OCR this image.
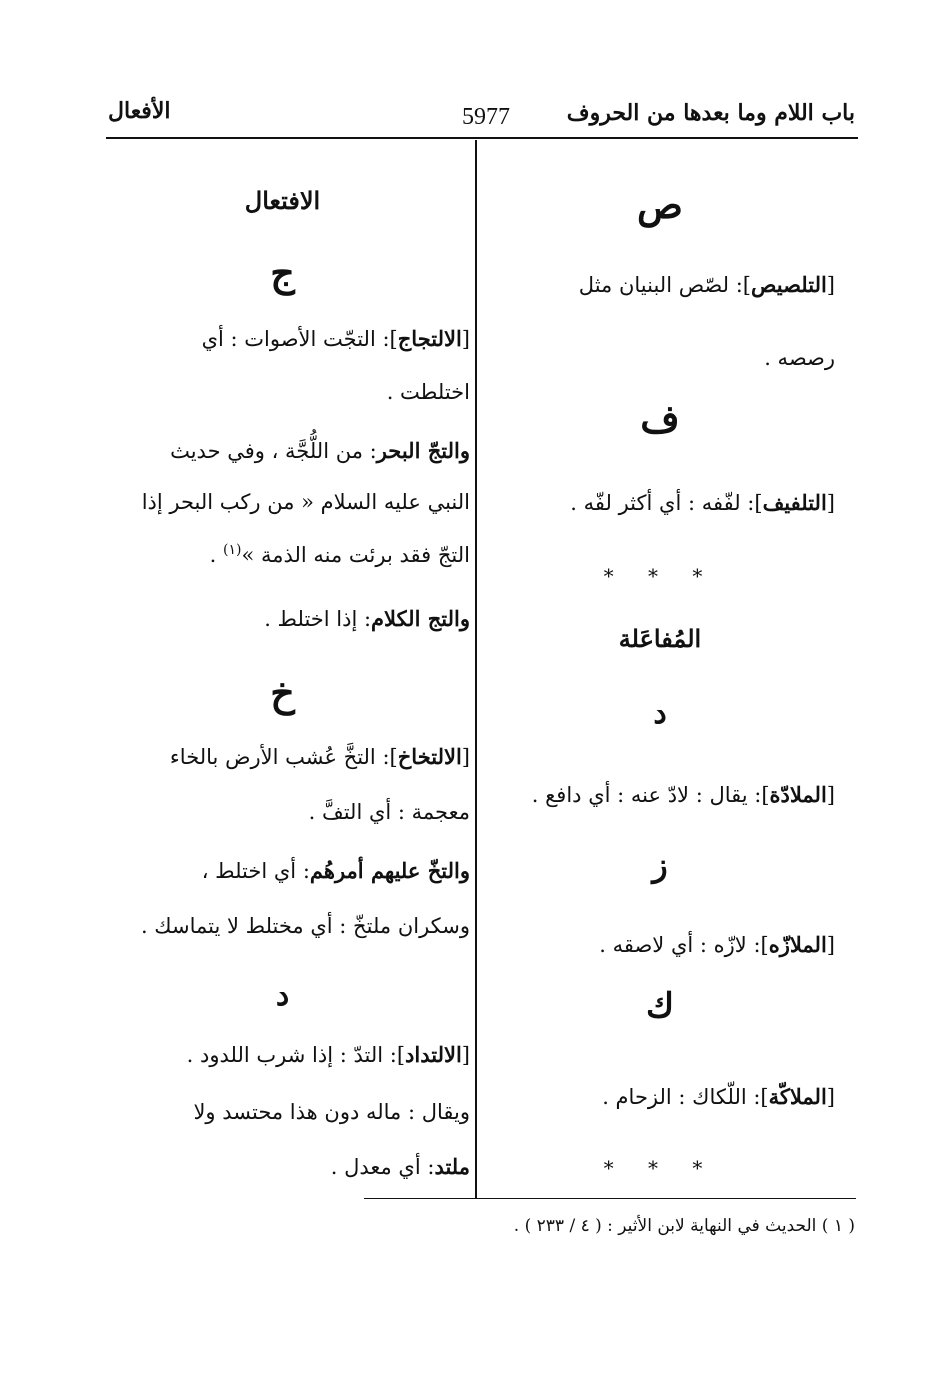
باب اللام وما بعدها من الحروف
5977
الأفعال
ص
[التلصيص]: لصّص البنيان مثل
رصصه .
ف
[التلفيف]: لفّفه : أي أكثر لفّه .
* * *
المُفاعَلة
د
[الملادّة]: يقال : لادّ عنه : أي دافع .
ز
[الملازّه]: لازّه : أي لاصقه .
ك
[الملاكّة]: اللّكاك : الزحام .
* * *
الافتعال
ج
[الالتجاج]: التجّت الأصوات : أي
اختلطت .
والتجّ البحر: من اللُّجَّة ، وفي حديث
النبي عليه السلام « من ركب البحر إذا
التجّ فقد برئت منه الذمة »$^{(١)}$ .
والتج الكلام: إذا اختلط .
خ
[الالتخاخ]: التخَّ عُشب الأرض بالخاء
معجمة : أي التفَّ .
والتخّ عليهم أمرهُم: أي اختلط ،
وسكران ملتخّ : أي مختلط لا يتماسك .
د
[الالتداد]: التدّ : إذا شرب اللدود .
ويقال : ماله دون هذا محتسد ولا
ملتد: أي معدل .
( ١ ) الحديث في النهاية لابن الأثير : ( ٤ / ٢٣٣ ) .
